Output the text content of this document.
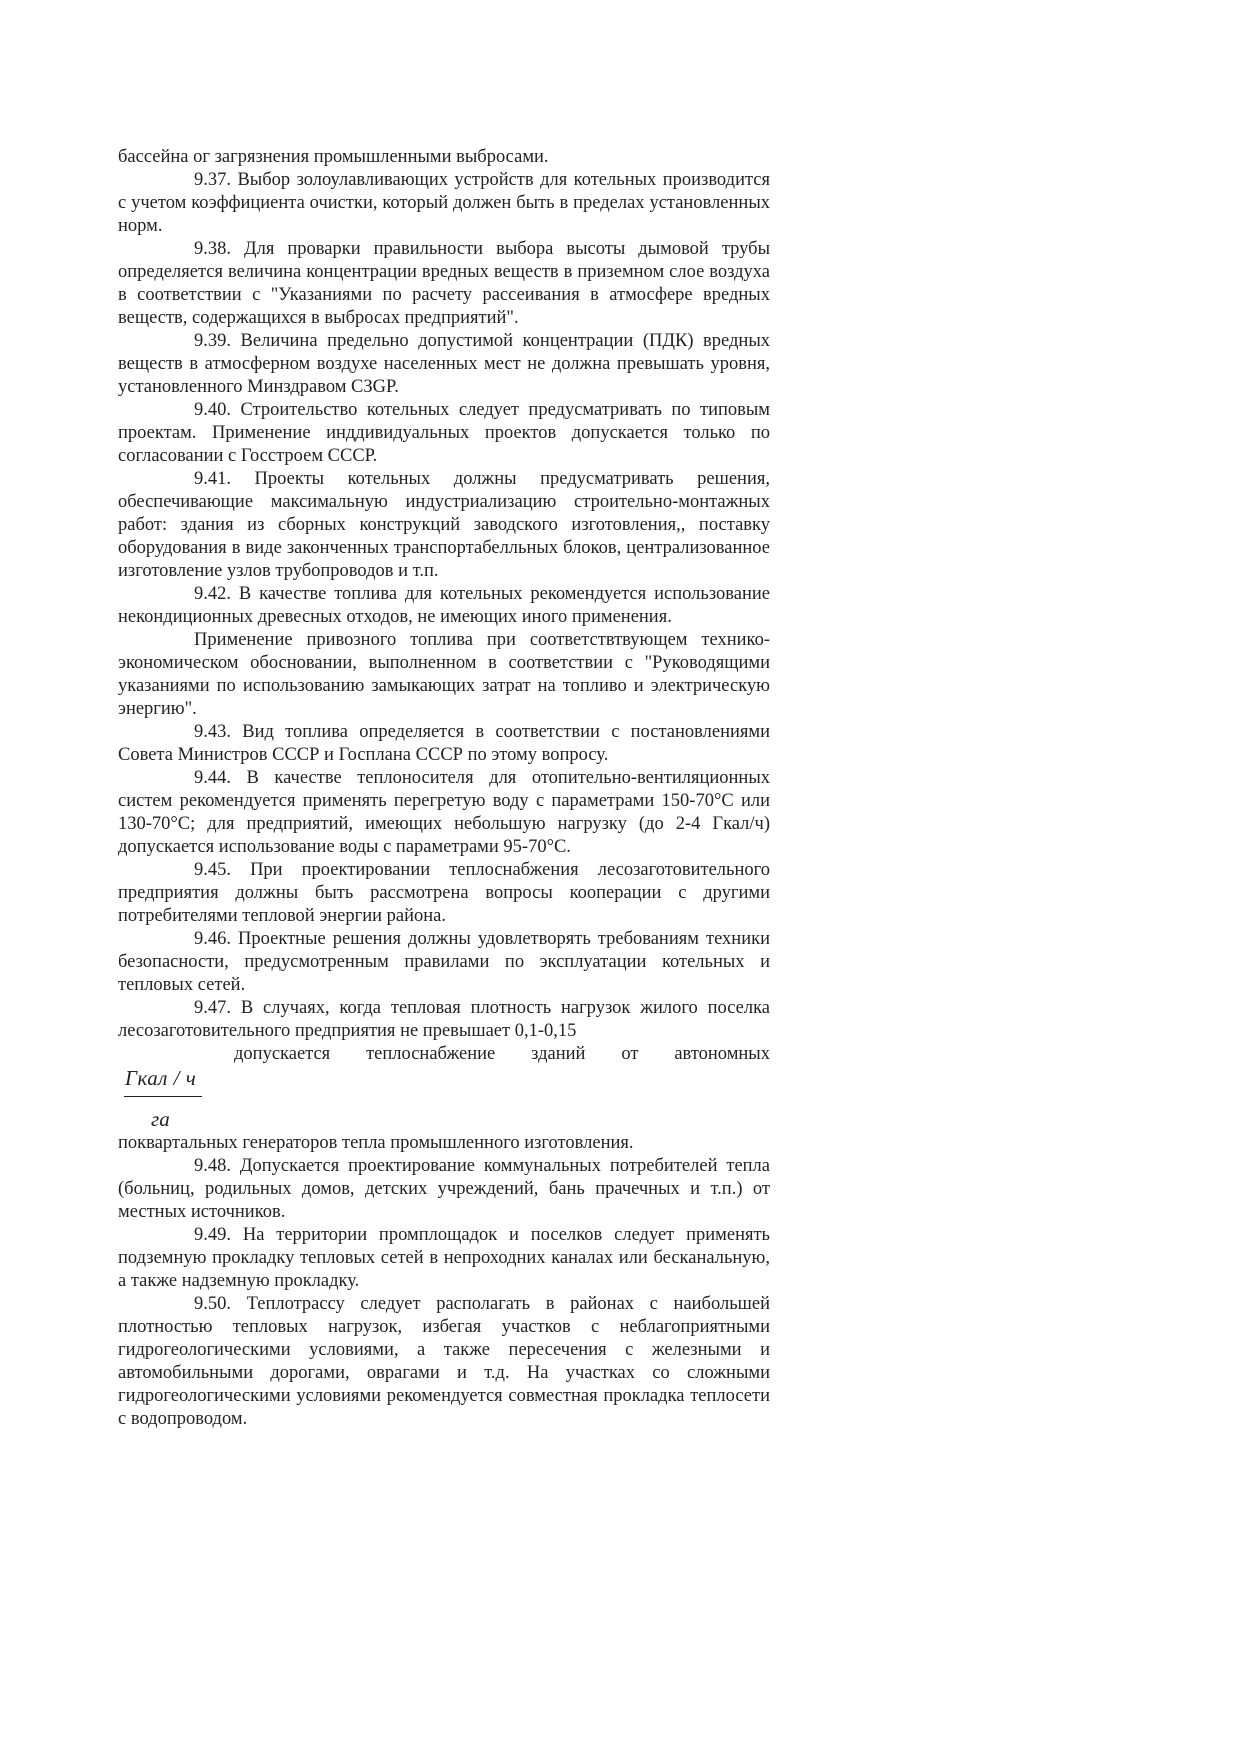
бассейна ог загрязнения промышленными выбросами.

9.37. Выбор золоулавливающих устройств для котельных производится с учетом коэффициента очистки, который должен быть в пределах установленных норм.

9.38. Для проварки правильности выбора высоты дымовой трубы определяется величина концентрации вредных веществ в приземном слое воздуха в соответствии с "Указаниями по расчету рассеивания в атмосфере вредных веществ, содержащихся в выбросах предприятий".

9.39. Величина предельно допустимой концентрации (ПДК) вредных веществ в атмосферном воздухе населенных мест не должна превышать уровня, установленного Минздравом СЗGP.

9.40. Строительство котельных следует предусматривать по типовым проектам. Применение инддивидуальных проектов допускается только по согласовании с Госстроем СССР.

9.41. Проекты котельных должны предусматривать решения, обеспечивающие максимальную индустриализацию строительно-монтажных работ: здания из сборных конструкций заводского изготовления,, поставку оборудования в виде законченных транспортабелльных блоков, централизованное изготовление узлов трубопроводов и т.п.

9.42. В качестве топлива для котельных рекомендуется использование некондиционных древесных отходов, не имеющих иного применения.

Применение привозного топлива при соответствтвующем технико-экономическом обосновании, выполненном в соответствии с "Руководящими указаниями по использованию замыкающих затрат на топливо и электрическую энергию".

9.43. Вид топлива определяется в соответствии с постановлениями Совета Министров СССР и Госплана СССР по этому вопросу.

9.44. В качестве теплоносителя для отопительно-вентиляционных систем рекомендуется применять перегретую воду с параметрами 150-70°С или 130-70°С; для предприятий, имеющих небольшую нагрузку (до 2-4 Гкал/ч) допускается использование воды с параметрами 95-70°С.

9.45. При проектировании теплоснабжения лесозаготовительного предприятия должны быть рассмотрена вопросы кооперации с другими потребителями тепловой энергии района.

9.46. Проектные решения должны удовлетворять требованиям техники безопасности, предусмотренным правилами по эксплуатации котельных и тепловых сетей.

9.47. В случаях, когда тепловая плотность нагрузок жилого поселка лесозаготовительного предприятия не превышает 0,1-0,15

допускается теплоснабжение зданий от автономных
Гкал / ч
га

поквартальных генераторов тепла промышленного изготовления.

9.48. Допускается проектирование коммунальных потребителей тепла (больниц, родильных домов, детских учреждений, бань прачечных и т.п.) от местных источников.

9.49. На территории промплощадок и поселков следует применять подземную прокладку тепловых сетей в непроходних каналах или бесканальную, а также надземную прокладку.

9.50. Теплотрассу следует располагать в районах с наибольшей плотностью тепловых нагрузок, избегая участков с неблагоприятными гидрогеологическими условиями, а также пересечения с железными и автомобильными дорогами, оврагами и т.д. На участках со сложными гидрогеологическими условиями рекомендуется совместная прокладка теплосети с водопроводом.
